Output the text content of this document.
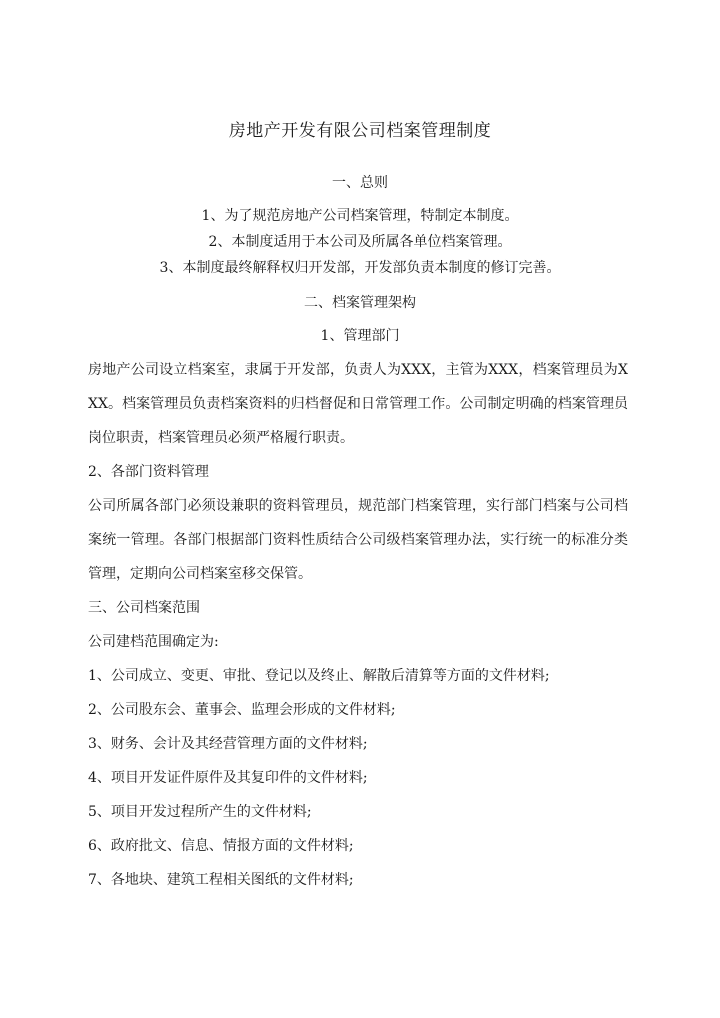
房地产开发有限公司档案管理制度
一、总则
1、为了规范房地产公司档案管理，特制定本制度。
2、本制度适用于本公司及所属各单位档案管理。
3、本制度最终解释权归开发部，开发部负责本制度的修订完善。
二、档案管理架构
1、管理部门
房地产公司设立档案室，隶属于开发部，负责人为XXX，主管为XXX，档案管理员为XXX。档案管理员负责档案资料的归档督促和日常管理工作。公司制定明确的档案管理员岗位职责，档案管理员必须严格履行职责。
2、各部门资料管理
公司所属各部门必须设兼职的资料管理员，规范部门档案管理，实行部门档案与公司档案统一管理。各部门根据部门资料性质结合公司级档案管理办法，实行统一的标准分类管理，定期向公司档案室移交保管。
三、公司档案范围
公司建档范围确定为:
1、公司成立、变更、审批、登记以及终止、解散后清算等方面的文件材料;
2、公司股东会、董事会、监理会形成的文件材料;
3、财务、会计及其经营管理方面的文件材料;
4、项目开发证件原件及其复印件的文件材料;
5、项目开发过程所产生的文件材料;
6、政府批文、信息、情报方面的文件材料;
7、各地块、建筑工程相关图纸的文件材料;
